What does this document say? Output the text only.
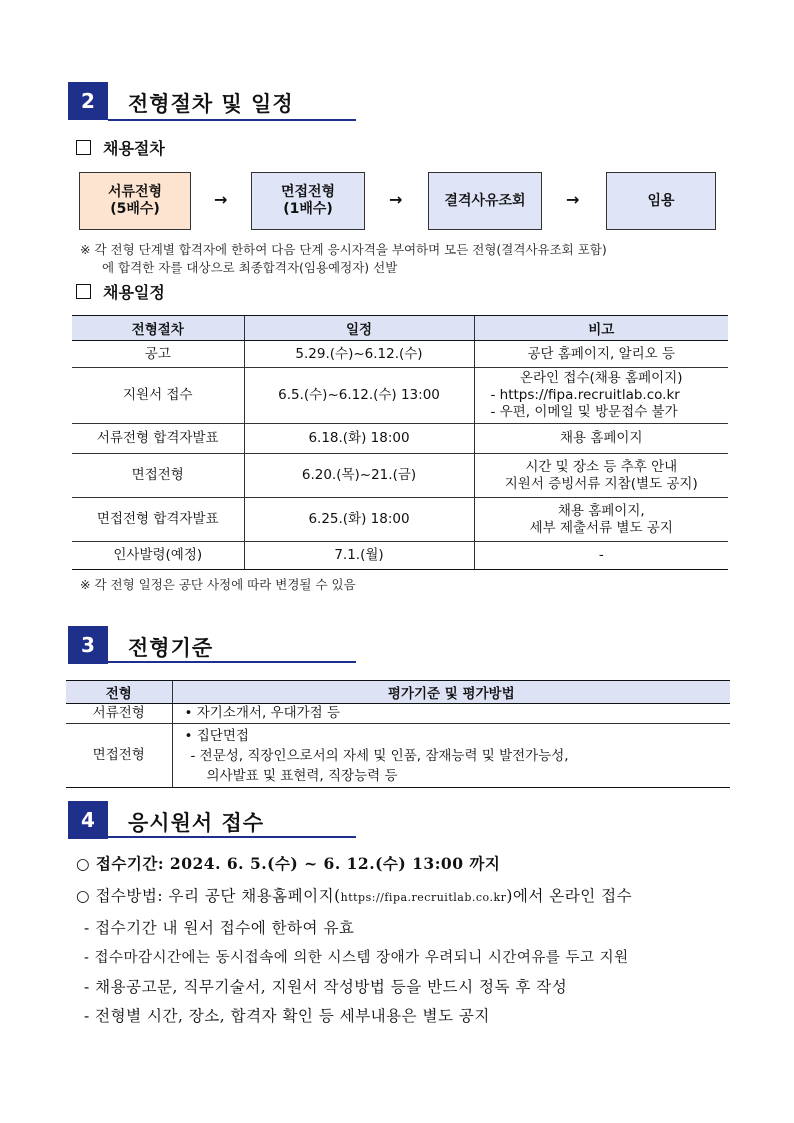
2	전형절차 및 일정
채용절차
서류전형
(5배수)	→	면접전형
(1배수)	→	결격사유조회	→	임용
※ 각 전형 단계별 합격자에 한하여 다음 단계 응시자격을 부여하며 모든 전형(결격사유조회 포함)
에 합격한 자를 대상으로 최종합격자(임용예정자) 선발
채용일정
전형절차	일정	비고
공고	5.29.(수)~6.12.(수)	공단 홈페이지, 알리오 등
지원서 접수	6.5.(수)~6.12.(수) 13:00	온라인 접수(채용 홈페이지)
- https://fipa.recruitlab.co.kr
- 우편, 이메일 및 방문접수 불가

서류전형 합격자발표	6.18.(화) 18:00	채용 홈페이지
면접전형	6.20.(목)~21.(금)	시간 및 장소 등 추후 안내
지원서 증빙서류 지참(별도 공지)

면접전형 합격자발표	6.25.(화) 18:00	채용 홈페이지,
세부 제출서류 별도 공지

인사발령(예정)	7.1.(월)	-
※ 각 전형 일정은 공단 사정에 따라 변경될 수 있음
3	전형기준
전형	평가기준 및 평가방법
서류전형	• 자기소개서, 우대가점 등
면접전형	• 집단면접
- 전문성, 직장인으로서의 자세 및 인품, 잠재능력 및 발전가능성,
의사발표 및 표현력, 직장능력 등
4	응시원서 접수
○ 접수기간: 2024. 6. 5.(수) ~ 6. 12.(수) 13:00 까지
○ 접수방법: 우리 공단 채용홈페이지(https://fipa.recruitlab.co.kr)에서 온라인 접수
- 접수기간 내 원서 접수에 한하여 유효
- 접수마감시간에는 동시접속에 의한 시스템 장애가 우려되니 시간여유를 두고 지원
- 채용공고문, 직무기술서, 지원서 작성방법 등을 반드시 정독 후 작성
- 전형별 시간, 장소, 합격자 확인 등 세부내용은 별도 공지
